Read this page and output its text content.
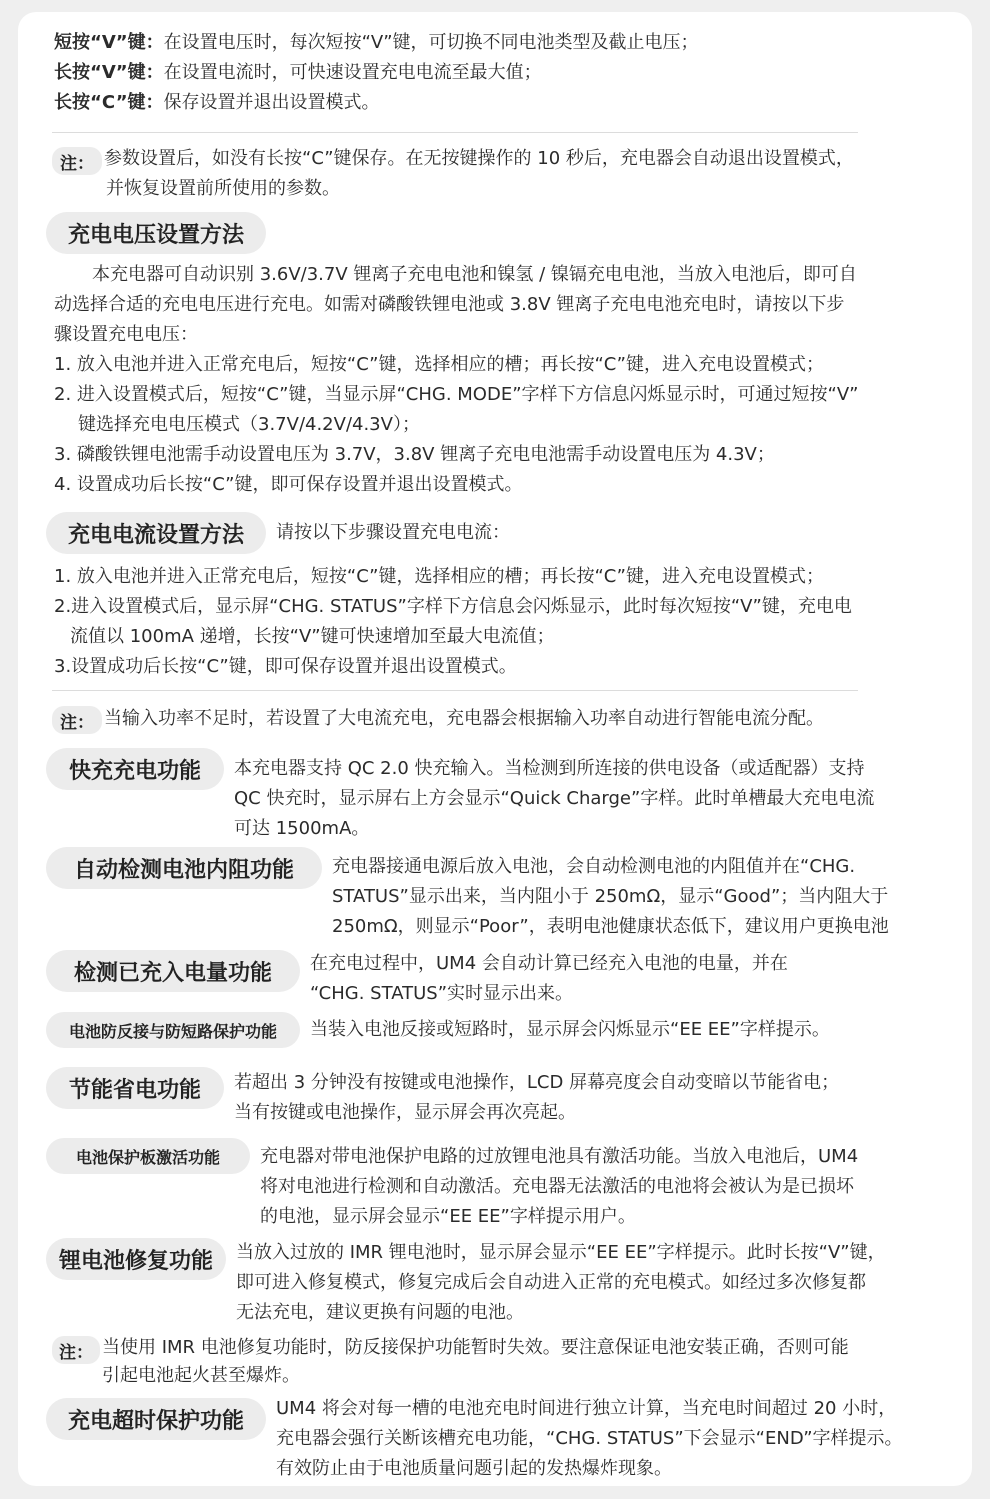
短按“V”键：在设置电压时，每次短按“V”键，可切换不同电池类型及截止电压；
长按“V”键：在设置电流时，可快速设置充电电流至最大值；
长按“C”键：保存设置并退出设置模式。
注： 参数设置后，如没有长按“C”键保存。在无按键操作的 10 秒后，充电器会自动退出设置模式，
并恢复设置前所使用的参数。
充电电压设置方法
本充电器可自动识别 3.6V/3.7V 锂离子充电电池和镍氢 / 镍镉充电电池，当放入电池后，即可自
动选择合适的充电电压进行充电。如需对磷酸铁锂电池或 3.8V 锂离子充电电池充电时，请按以下步
骤设置充电电压：
1. 放入电池并进入正常充电后，短按“C”键，选择相应的槽；再长按“C”键，进入充电设置模式；
2. 进入设置模式后，短按“C”键，当显示屏“CHG. MODE”字样下方信息闪烁显示时，可通过短按“V”
键选择充电电压模式（3.7V/4.2V/4.3V）；
3. 磷酸铁锂电池需手动设置电压为 3.7V，3.8V 锂离子充电电池需手动设置电压为 4.3V；
4. 设置成功后长按“C”键，即可保存设置并退出设置模式。
充电电流设置方法	请按以下步骤设置充电电流：
1. 放入电池并进入正常充电后，短按“C”键，选择相应的槽；再长按“C”键，进入充电设置模式；
2.进入设置模式后，显示屏“CHG. STATUS”字样下方信息会闪烁显示，此时每次短按“V”键，充电电
流值以 100mA 递增，长按“V”键可快速增加至最大电流值；
3.设置成功后长按“C”键，即可保存设置并退出设置模式。
注： 当输入功率不足时，若设置了大电流充电，充电器会根据输入功率自动进行智能电流分配。
快充充电功能	本充电器支持 QC 2.0 快充输入。当检测到所连接的供电设备（或适配器）支持
QC 快充时，显示屏右上方会显示“Quick Charge”字样。此时单槽最大充电电流
可达 1500mA。
自动检测电池内阻功能	充电器接通电源后放入电池，会自动检测电池的内阻值并在“CHG.
STATUS”显示出来，当内阻小于 250mΩ，显示“Good”；当内阻大于
250mΩ，则显示“Poor”，表明电池健康状态低下，建议用户更换电池
检测已充入电量功能	在充电过程中，UM4 会自动计算已经充入电池的电量，并在
“CHG. STATUS”实时显示出来。
电池防反接与防短路保护功能	当装入电池反接或短路时，显示屏会闪烁显示“EE EE”字样提示。
节能省电功能	若超出 3 分钟没有按键或电池操作，LCD 屏幕亮度会自动变暗以节能省电；
当有按键或电池操作，显示屏会再次亮起。
电池保护板激活功能	充电器对带电池保护电路的过放锂电池具有激活功能。当放入电池后，UM4
将对电池进行检测和自动激活。充电器无法激活的电池将会被认为是已损坏
的电池，显示屏会显示“EE EE”字样提示用户。
锂电池修复功能	当放入过放的 IMR 锂电池时，显示屏会显示“EE EE”字样提示。此时长按“V”键，
即可进入修复模式，修复完成后会自动进入正常的充电模式。如经过多次修复都
无法充电，建议更换有问题的电池。
注： 当使用 IMR 电池修复功能时，防反接保护功能暂时失效。要注意保证电池安装正确，否则可能
引起电池起火甚至爆炸。
充电超时保护功能	UM4 将会对每一槽的电池充电时间进行独立计算，当充电时间超过 20 小时，
充电器会强行关断该槽充电功能，“CHG. STATUS”下会显示“END”字样提示。
有效防止由于电池质量问题引起的发热爆炸现象。
